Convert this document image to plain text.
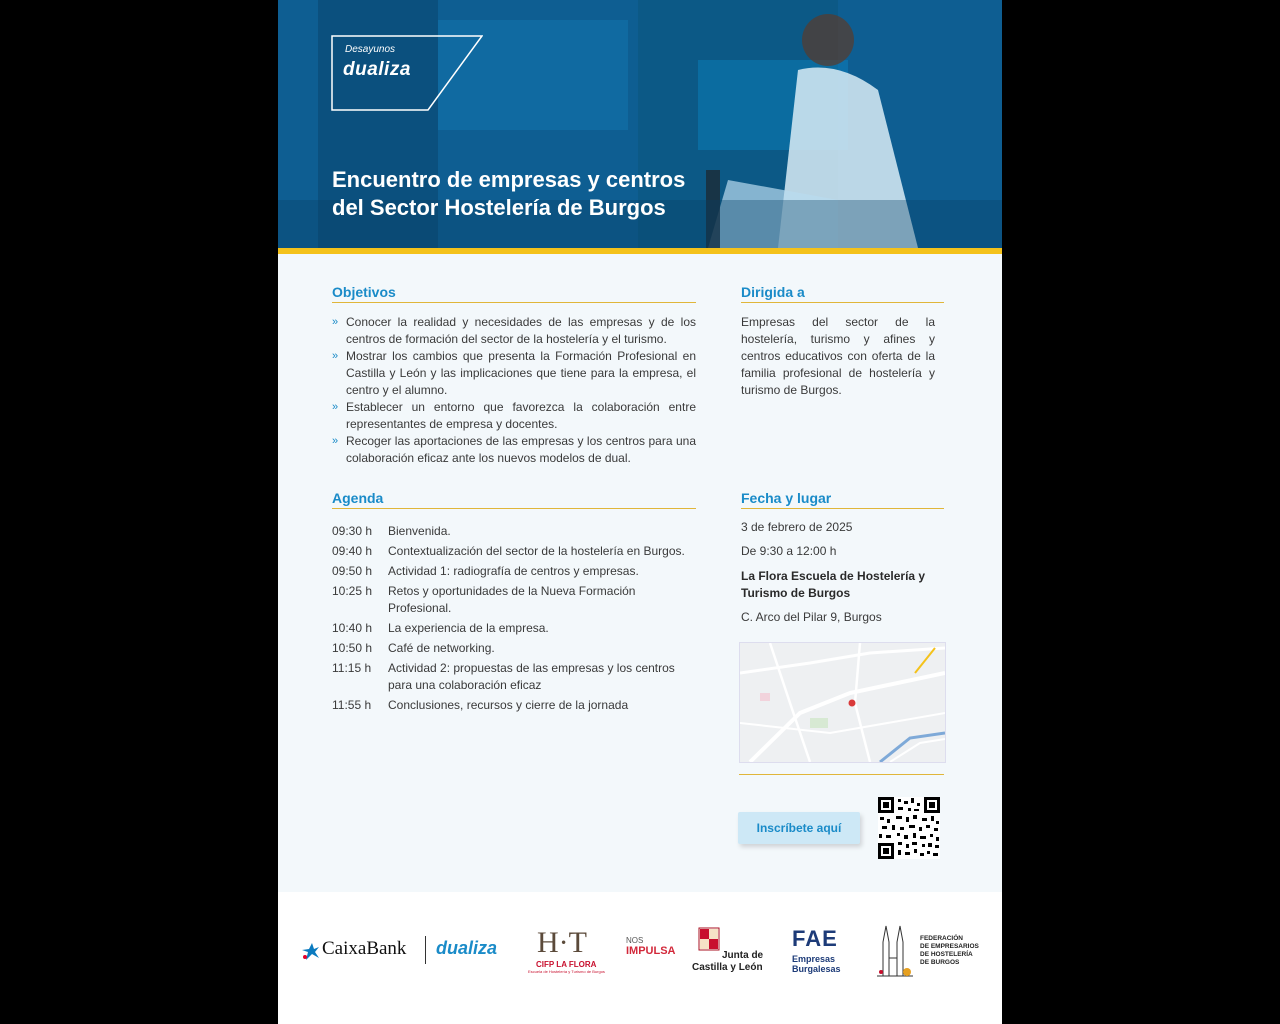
Desayunos
dualiza
Encuentro de empresas y centros
del Sector Hostelería de Burgos
Objetivos
» Conocer la realidad y necesidades de las empresas y de los centros de formación del sector de la hostelería y el turismo.
» Mostrar los cambios que presenta la Formación Profesional en Castilla y León y las implicaciones que tiene para la empresa, el centro y el alumno.
» Establecer un entorno que favorezca la colaboración entre representantes de empresa y docentes.
» Recoger las aportaciones de las empresas y los centros para una colaboración eficaz ante los nuevos modelos de dual.
Dirigida a
Empresas del sector de la hostelería, turismo y afines y centros educativos con oferta de la familia profesional de hostelería y turismo de Burgos.
Agenda
09:30 h	Bienvenida.
09:40 h	Contextualización del sector de la hostelería en Burgos.
09:50 h	Actividad 1: radiografía de centros y empresas.
10:25 h	Retos y oportunidades de la Nueva Formación Profesional.
10:40 h	La experiencia de la empresa.
10:50 h	Café de networking.
11:15 h	Actividad 2: propuestas de las empresas y los centros para una colaboración eficaz
11:55 h	Conclusiones, recursos y cierre de la jornada
Fecha y lugar
3 de febrero de 2025
De 9:30 a 12:00 h
La Flora Escuela de Hostelería y Turismo de Burgos
C. Arco del Pilar 9, Burgos
Inscríbete aquí
CaixaBank dualiza H·T
CIFP LA FLORA
Escuela de Hostelería y Turismo de Burgos
NOS
IMPULSA	Junta de
Castilla y León
FAE
Empresas
Burgalesas
FEDERACIÓN
DE EMPRESARIOS
DE HOSTELERÍA
DE BURGOS
